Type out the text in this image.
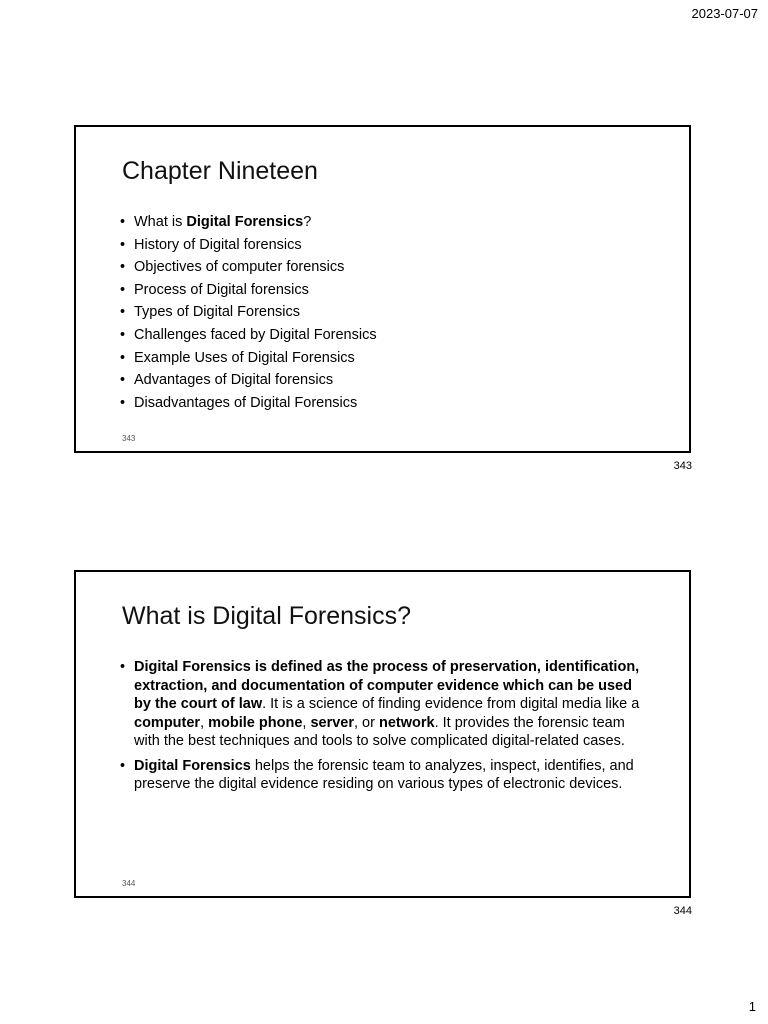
2023-07-07
Chapter Nineteen
• What is Digital Forensics?
• History of Digital forensics
• Objectives of computer forensics
• Process of Digital forensics
• Types of Digital Forensics
• Challenges faced by Digital Forensics
• Example Uses of Digital Forensics
• Advantages of Digital forensics
• Disadvantages of Digital Forensics
343
343
What is Digital Forensics?
• Digital Forensics is defined as the process of preservation, identification, extraction, and documentation of computer evidence which can be used by the court of law. It is a science of finding evidence from digital media like a computer, mobile phone, server, or network. It provides the forensic team with the best techniques and tools to solve complicated digital-related cases.
• Digital Forensics helps the forensic team to analyzes, inspect, identifies, and preserve the digital evidence residing on various types of electronic devices.
344
344
1
